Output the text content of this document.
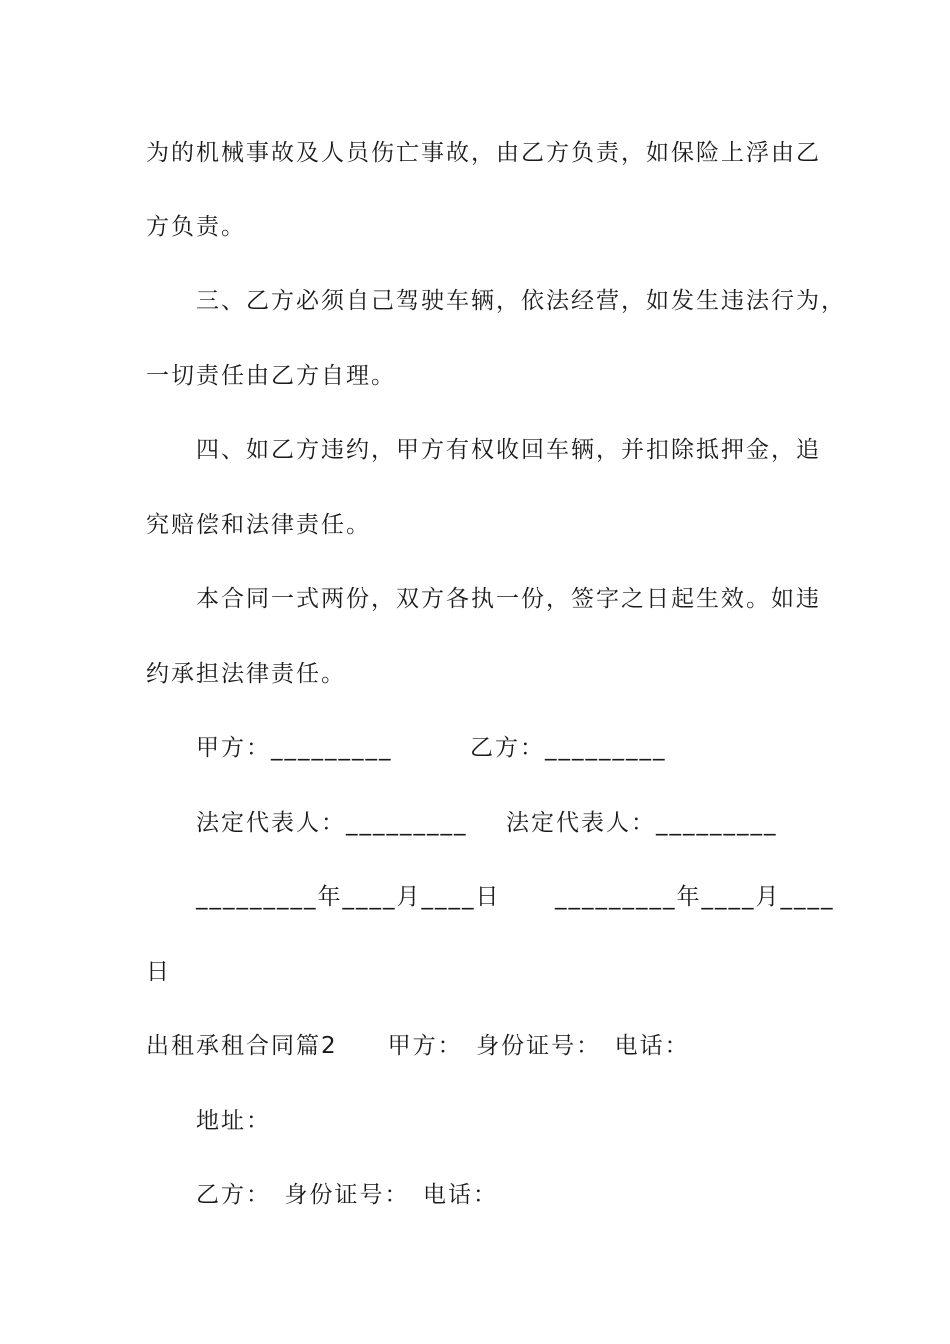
为的机械事故及人员伤亡事故，由乙方负责，如保险上浮由乙
方负责。
三、乙方必须自己驾驶车辆，依法经营，如发生违法行为，
一切责任由乙方自理。
四、如乙方违约，甲方有权收回车辆，并扣除抵押金，追
究赔偿和法律责任。
本合同一式两份，双方各执一份，签字之日起生效。如违
约承担法律责任。
甲方：_________	乙方：_________
法定代表人：_________ 法定代表人：_________
_________年____月____日 _________年____月____
日
出租承租合同篇2　　甲方：　身份证号：　电话：
地址：
乙方：　身份证号：　电话：
